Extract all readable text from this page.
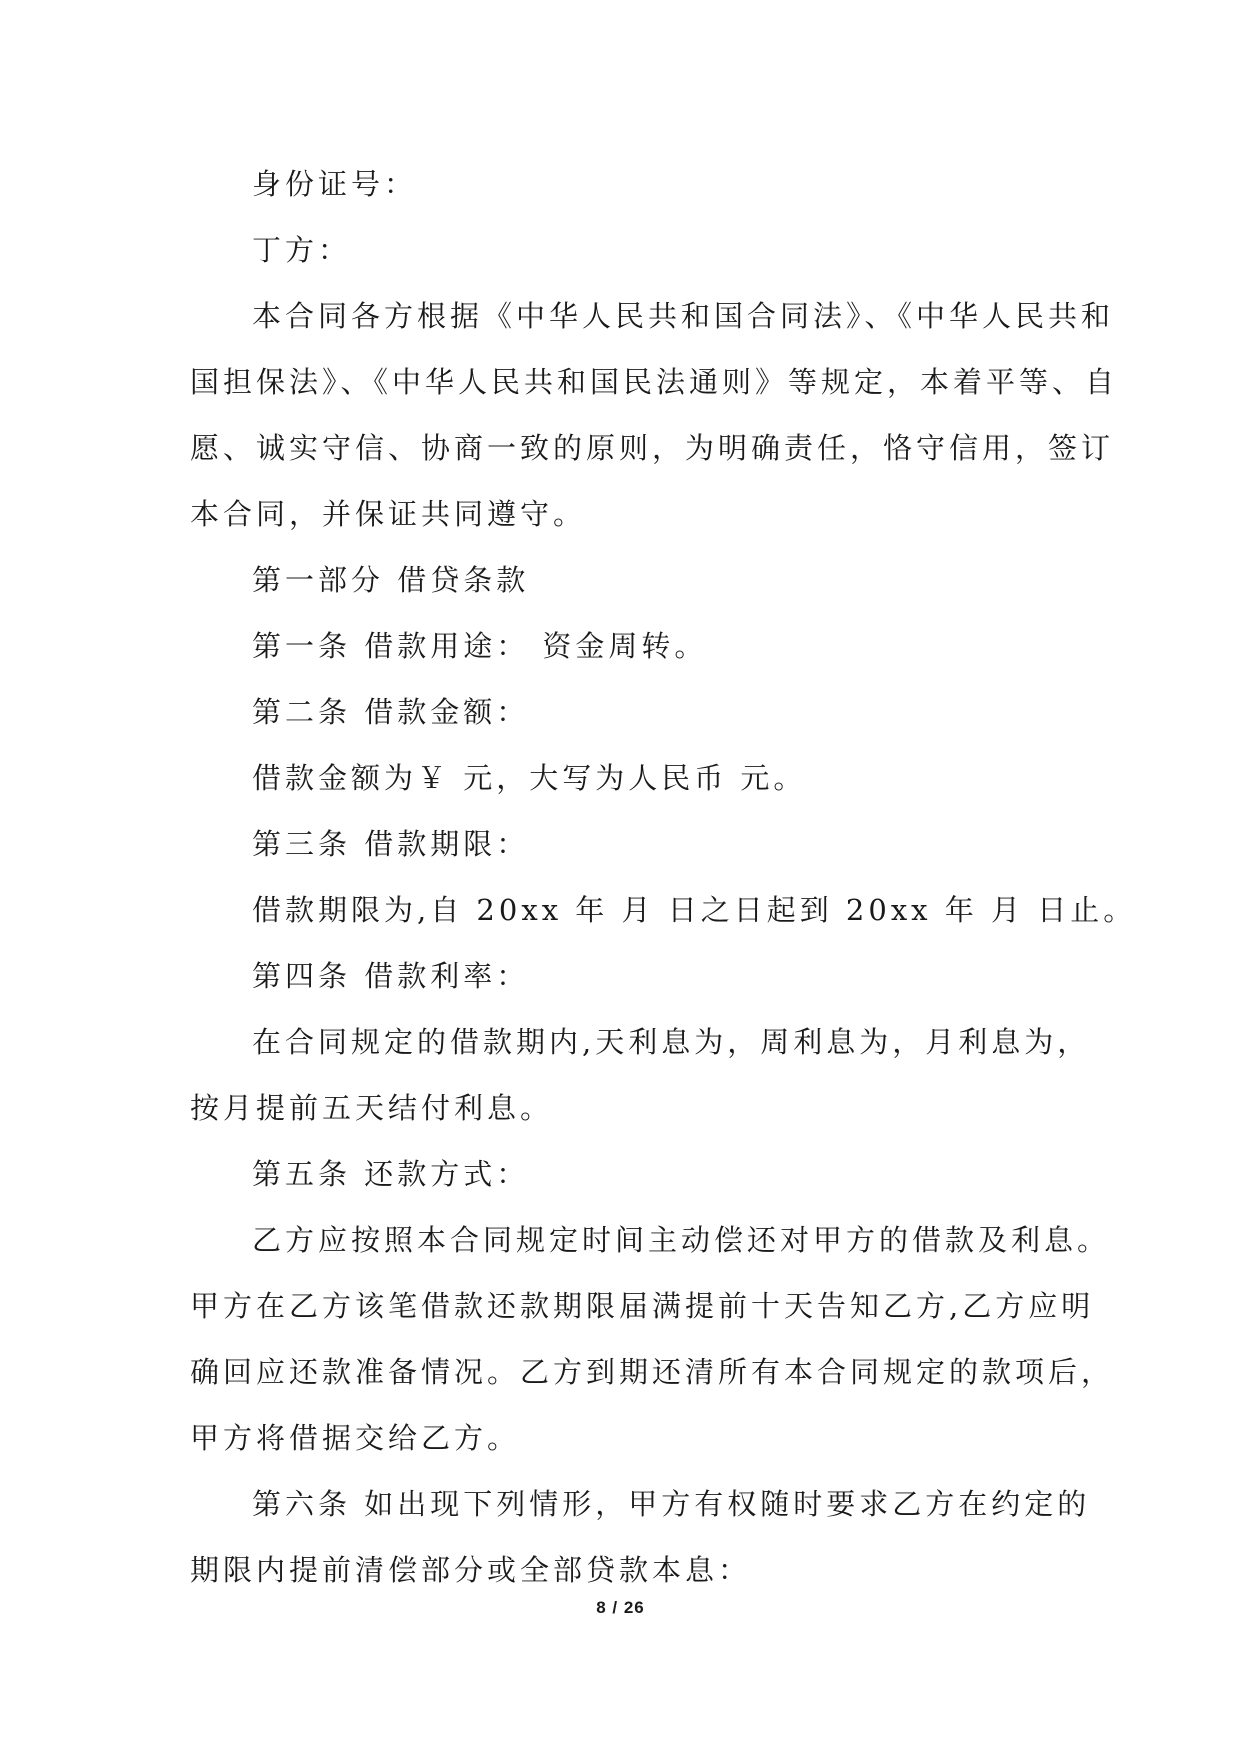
身份证号：
丁方：
本合同各方根据《中华人民共和国合同法》、《中华人民共和
国担保法》、《中华人民共和国民法通则》等规定，本着平等、自
愿、诚实守信、协商一致的原则，为明确责任，恪守信用，签订
本合同，并保证共同遵守。
第一部分 借贷条款
第一条 借款用途： 资金周转。
第二条 借款金额：
借款金额为￥ 元，大写为人民币 元。
第三条 借款期限：
借款期限为,自 20xx 年 月 日之日起到 20xx 年 月 日止。
第四条 借款利率：
在合同规定的借款期内,天利息为，周利息为，月利息为，
按月提前五天结付利息。
第五条 还款方式：
乙方应按照本合同规定时间主动偿还对甲方的借款及利息。
甲方在乙方该笔借款还款期限届满提前十天告知乙方,乙方应明
确回应还款准备情况。乙方到期还清所有本合同规定的款项后，
甲方将借据交给乙方。
第六条 如出现下列情形，甲方有权随时要求乙方在约定的
期限内提前清偿部分或全部贷款本息：
8 / 26
